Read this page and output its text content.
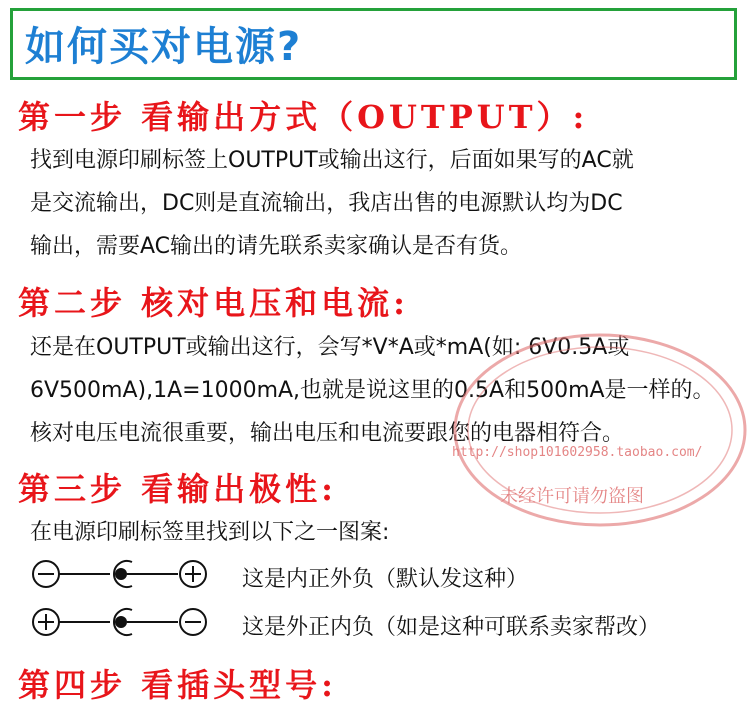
如何买对电源?
第一步 看输出方式（OUTPUT）:
找到电源印刷标签上OUTPUT或输出这行，后面如果写的AC就
是交流输出，DC则是直流输出，我店出售的电源默认均为DC
输出，需要AC输出的请先联系卖家确认是否有货。
第二步 核对电压和电流:
还是在OUTPUT或输出这行，会写*V*A或*mA(如: 6V0.5A或
6V500mA),1A=1000mA,也就是说这里的0.5A和500mA是一样的。
核对电压电流很重要，输出电压和电流要跟您的电器相符合。
第三步 看输出极性:
在电源印刷标签里找到以下之一图案:
这是内正外负（默认发这种）
这是外正内负（如是这种可联系卖家帮改）
第四步 看插头型号:
http://shop101602958.taobao.com/
未经许可请勿盗图
